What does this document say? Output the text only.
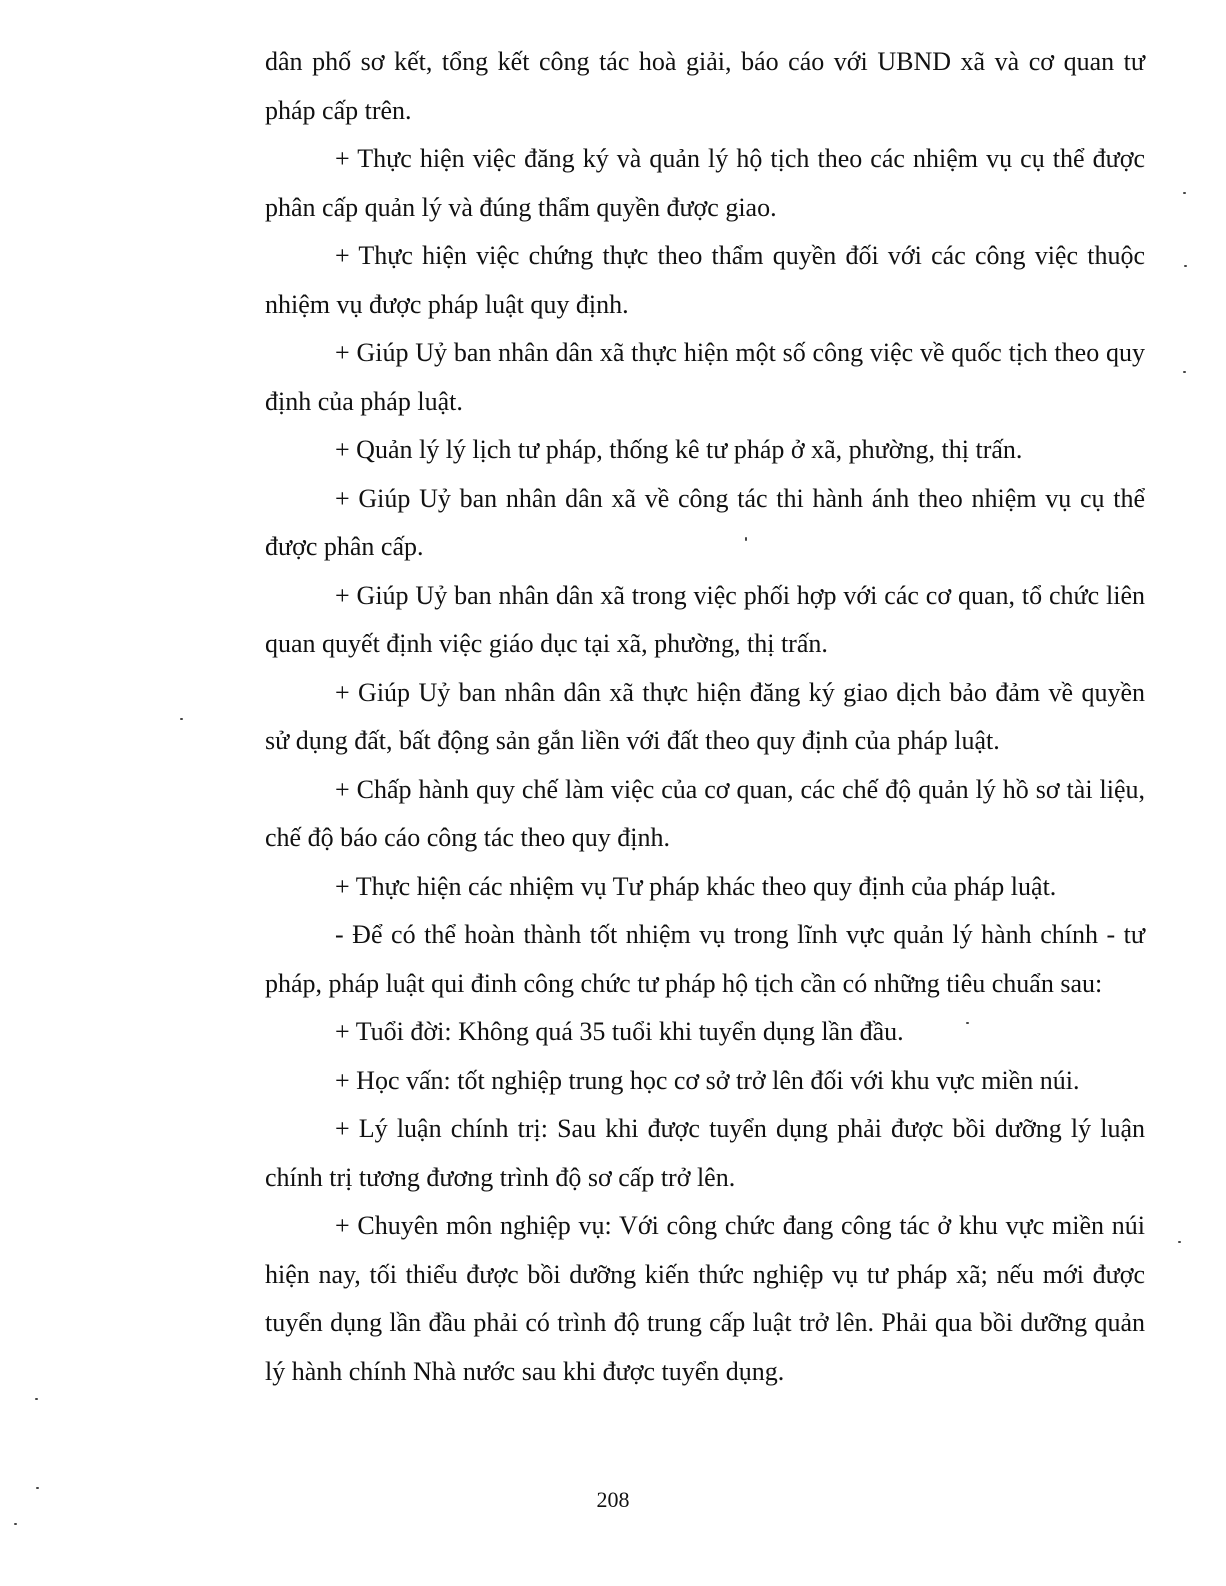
dân phố sơ kết, tổng kết công tác hoà giải, báo cáo với UBND xã và cơ quan tư pháp cấp trên.

+ Thực hiện việc đăng ký và quản lý hộ tịch theo các nhiệm vụ cụ thể được phân cấp quản lý và đúng thẩm quyền được giao.

+ Thực hiện việc chứng thực theo thẩm quyền đối với các công việc thuộc nhiệm vụ được pháp luật quy định.

+ Giúp Uỷ ban nhân dân xã thực hiện một số công việc về quốc tịch theo quy định của pháp luật.

+ Quản lý lý lịch tư pháp, thống kê tư pháp ở xã, phường, thị trấn.

+ Giúp Uỷ ban nhân dân xã về công tác thi hành ánh theo nhiệm vụ cụ thể được phân cấp.

+ Giúp Uỷ ban nhân dân xã trong việc phối hợp với các cơ quan, tổ chức liên quan quyết định việc giáo dục tại xã, phường, thị trấn.

+ Giúp Uỷ ban nhân dân xã thực hiện đăng ký giao dịch bảo đảm về quyền sử dụng đất, bất động sản gắn liền với đất theo quy định của pháp luật.

+ Chấp hành quy chế làm việc của cơ quan, các chế độ quản lý hồ sơ tài liệu, chế độ báo cáo công tác theo quy định.

+ Thực hiện các nhiệm vụ Tư pháp khác theo quy định của pháp luật.

- Để có thể hoàn thành tốt nhiệm vụ trong lĩnh vực quản lý hành chính - tư pháp, pháp luật qui đinh công chức tư pháp hộ tịch cần có những tiêu chuẩn sau:

+ Tuổi đời: Không quá 35 tuổi khi tuyển dụng lần đầu.

+ Học vấn: tốt nghiệp trung học cơ sở trở lên đối với khu vực miền núi.

+ Lý luận chính trị: Sau khi được tuyển dụng phải được bồi dưỡng lý luận chính trị tương đương trình độ sơ cấp trở lên.

+ Chuyên môn nghiệp vụ: Với công chức đang công tác ở khu vực miền núi hiện nay, tối thiểu được bồi dưỡng kiến thức nghiệp vụ tư pháp xã; nếu mới được tuyển dụng lần đầu phải có trình độ trung cấp luật trở lên. Phải qua bồi dưỡng quản lý hành chính Nhà nước sau khi được tuyển dụng.

208
